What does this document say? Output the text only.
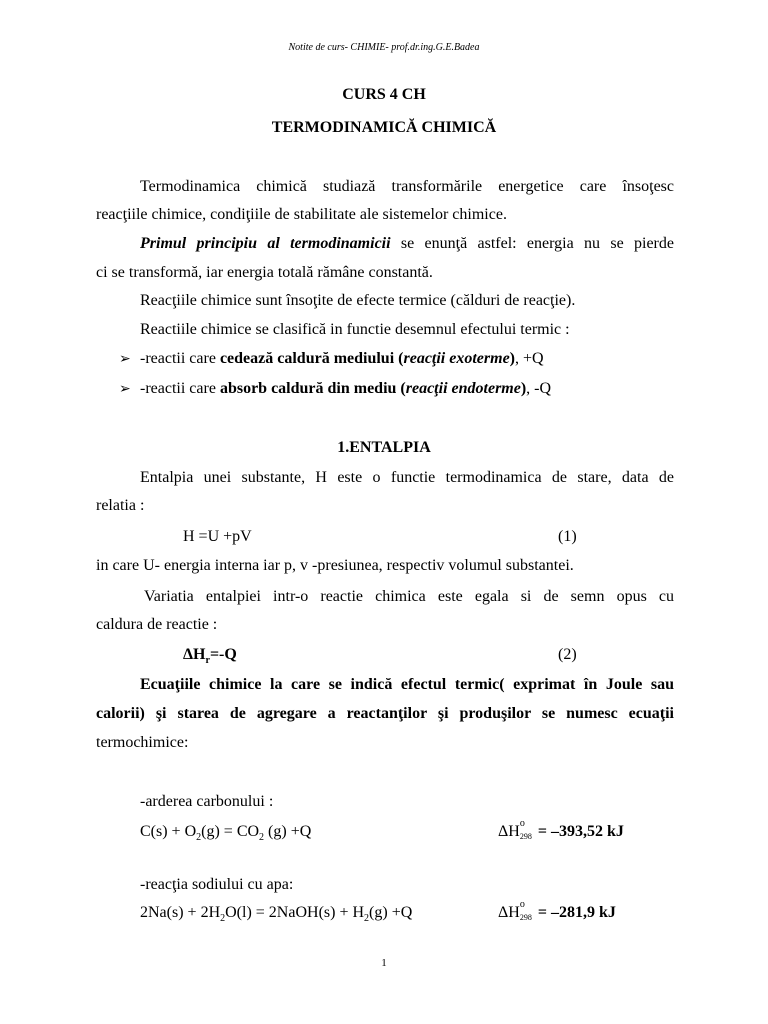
Notite de curs- CHIMIE- prof.dr.ing.G.E.Badea
CURS 4 CH
TERMODINAMICĂ CHIMICĂ
Termodinamica chimică studiază transformările energetice care însoţesc
reacţiile chimice, condiţiile de stabilitate ale sistemelor chimice.
Primul principiu al termodinamicii se enunţă astfel: energia nu se pierde
ci se transformă, iar energia totală rămâne constantă.
Reacţiile chimice sunt însoţite de efecte termice (călduri de reacţie).
Reactiile chimice se clasifică in functie desemnul efectului termic :
➢ -reactii care cedează caldură mediului (reacţii exoterme), +Q
➢ -reactii care absorb caldură din mediu (reacţii endoterme), -Q
1.ENTALPIA
Entalpia unei substante, H este o functie termodinamica de stare, data de
relatia :
H =U +pV	(1)
in care U- energia interna iar p, v -presiunea, respectiv volumul substantei.
Variatia entalpiei intr-o reactie chimica este egala si de semn opus cu
caldura de reactie :
$\Delta H_r=-Q$	(2)
Ecuaţiile chimice la care se indică efectul termic( exprimat în Joule sau
calorii) şi starea de agregare a reactanţilor şi produşilor se numesc ecuaţii
termochimice:
-arderea carbonului :
$C(s) + O_2(g) = CO_2$ (g) +Q	ΔH o
298 = –393,52 kJ
-reacţia sodiului cu apa:
$2Na(s) + 2H_2O(l)$ = 2NaOH(s) + $H_2(g) +Q$	ΔH o
298 = –281,9 kJ
1
